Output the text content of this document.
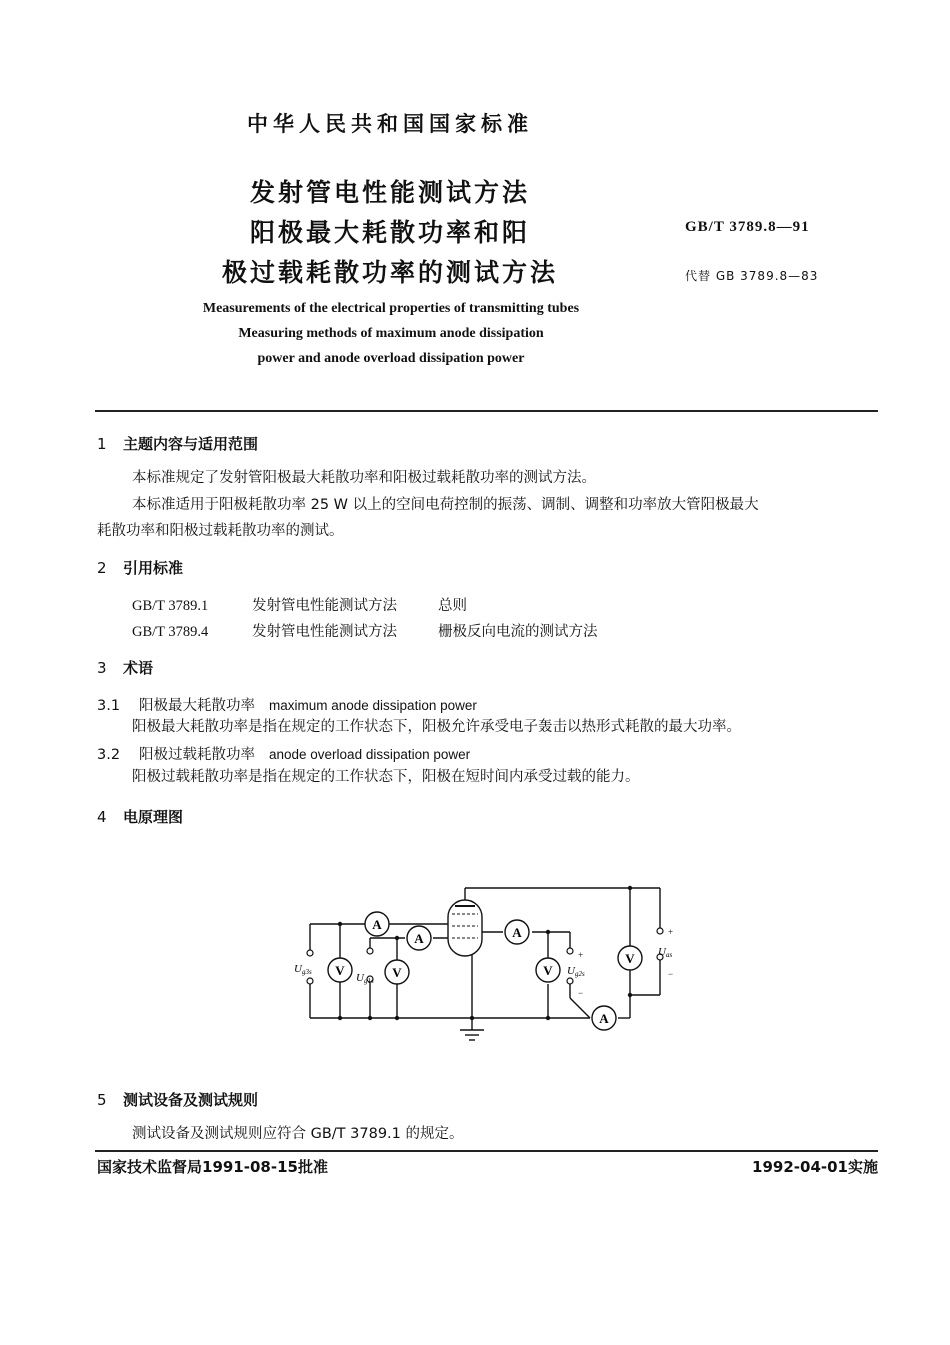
中华人民共和国国家标准
发射管电性能测试方法
阳极最大耗散功率和阳
极过载耗散功率的测试方法
GB/T 3789.8—91
代替 GB 3789.8—83
Measurements of the electrical properties of transmitting tubes
Measuring methods of maximum anode dissipation
power and anode overload dissipation power
1 主题内容与适用范围
本标准规定了发射管阳极最大耗散功率和阳极过载耗散功率的测试方法。
本标准适用于阳极耗散功率 25 W 以上的空间电荷控制的振荡、调制、调整和功率放大管阳极最大
耗散功率和阳极过载耗散功率的测试。
2 引用标准
GB/T 3789.1	发射管电性能测试方法	总则
GB/T 3789.4	发射管电性能测试方法	栅极反向电流的测试方法
3 术语
3.1 阳极最大耗散功率 maximum anode dissipation power
阳极最大耗散功率是指在规定的工作状态下，阳极允许承受电子轰击以热形式耗散的最大功率。
3.2 阳极过载耗散功率 anode overload dissipation power
阳极过载耗散功率是指在规定的工作状态下，阳极在短时间内承受过载的能力。
4 电原理图
A
A	A
A
V	V	V
V
Ug3s	Ug1s
Ug2s
Uas
+
−
+
−
5 测试设备及测试规则
测试设备及测试规则应符合 GB/T 3789.1 的规定。
国家技术监督局1991-08-15批准	1992-04-01实施
